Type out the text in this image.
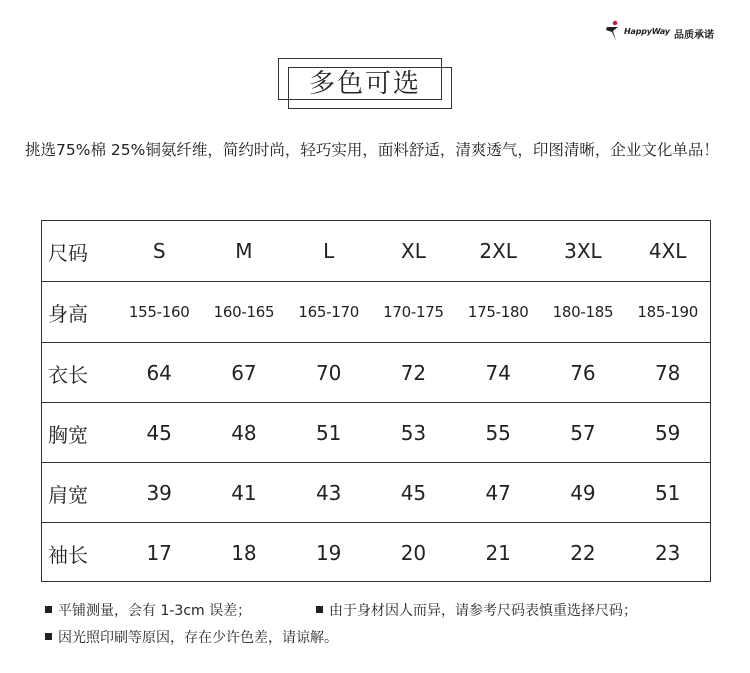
HappyWay 品质承诺
多色可选
挑选75%棉 25%铜氨纤维，简约时尚，轻巧实用，面料舒适，清爽透气，印图清晰，企业文化单品！
尺码	S	M	L	XL	2XL	3XL	4XL
身高	155-160	160-165	165-170	170-175	175-180	180-185	185-190
衣长	64	67	70	72	74	76	78
胸宽	45	48	51	53	55	57	59
肩宽	39	41	43	45	47	49	51
袖长	17	18	19	20	21	22	23
平铺测量，会有 1-3cm 误差；	由于身材因人而异，请参考尺码表慎重选择尺码；
因光照印刷等原因，存在少许色差，请谅解。
